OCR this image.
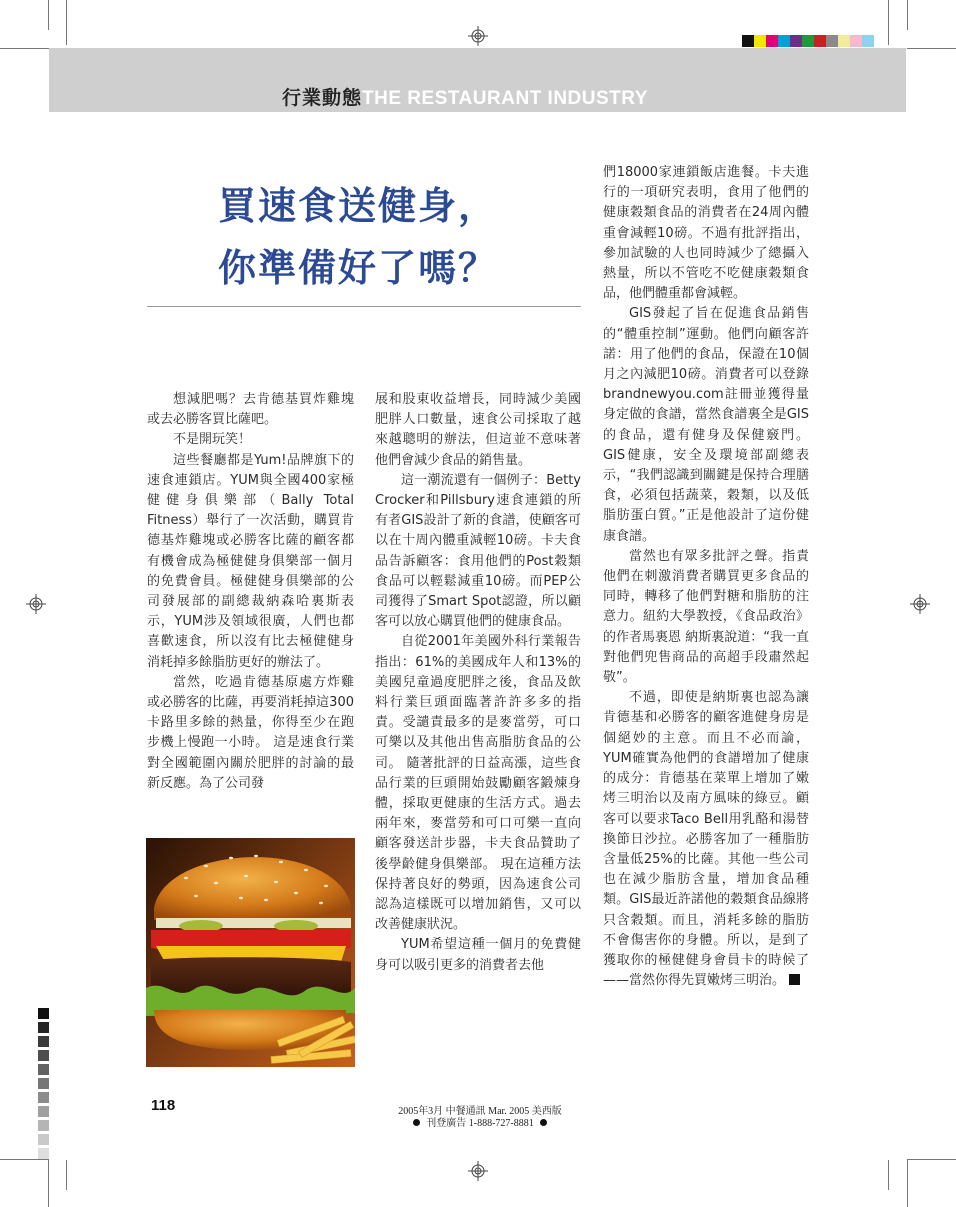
行業動態 THE RESTAURANT INDUSTRY
買速食送健身，
你準備好了嗎？

想減肥嗎？去肯德基買炸雞塊或去必勝客買比薩吧。

不是開玩笑！

這些餐廳都是Yum!品牌旗下的速食連鎖店。YUM與全國400家極健健身俱樂部（Bally Total Fitness）舉行了一次活動，購買肯德基炸雞塊或必勝客比薩的顧客都有機會成為極健健身俱樂部一個月的免費會員。極健健身俱樂部的公司發展部的副總裁納森哈裏斯表示，YUM涉及領域很廣，人們也都喜歡速食，所以沒有比去極健健身消耗掉多餘脂肪更好的辦法了。

當然，吃過肯德基原處方炸雞或必勝客的比薩，再要消耗掉這300卡路里多餘的熱量，你得至少在跑步機上慢跑一小時。 這是速食行業對全國範圍內關於肥胖的討論的最新反應。為了公司發

展和股東收益增長，同時減少美國肥胖人口數量，速食公司採取了越來越聰明的辦法，但這並不意味著他們會減少食品的銷售量。

這一潮流還有一個例子：Betty Crocker和Pillsbury速食連鎖的所有者GIS設計了新的食譜，使顧客可以在十周內體重減輕10磅。卡夫食品告訴顧客：食用他們的Post穀類食品可以輕鬆減重10磅。而PEP公司獲得了Smart Spot認證，所以顧客可以放心購買他們的健康食品。

自從2001年美國外科行業報告指出：61%的美國成年人和13%的美國兒童過度肥胖之後，食品及飲料行業巨頭面臨著許許多多的指責。受譴責最多的是麥當勞，可口可樂以及其他出售高脂肪食品的公司。 隨著批評的日益高漲，這些食品行業的巨頭開始鼓勵顧客鍛煉身體，採取更健康的生活方式。過去兩年來，麥當勞和可口可樂一直向顧客發送計步器，卡夫食品贊助了後學齡健身俱樂部。 現在這種方法保持著良好的勢頭，因為速食公司認為這樣既可以增加銷售，又可以改善健康狀況。

YUM希望這種一個月的免費健身可以吸引更多的消費者去他

們18000家連鎖飯店進餐。卡夫進行的一項研究表明，食用了他們的健康穀類食品的消費者在24周內體重會減輕10磅。不過有批評指出，參加試驗的人也同時減少了總攝入熱量，所以不管吃不吃健康穀類食品，他們體重都會減輕。

GIS發起了旨在促進食品銷售的“體重控制”運動。他們向顧客許諾：用了他們的食品，保證在10個月之內減肥10磅。消費者可以登錄brandnewyou.com註冊並獲得量身定做的食譜，當然食譜裏全是GIS的食品，還有健身及保健竅門。 GIS健康，安全及環境部副總表示，“我們認識到關鍵是保持合理膳食，必須包括蔬菜，穀類，以及低脂肪蛋白質。”正是他設計了這份健康食譜。

當然也有眾多批評之聲。指責他們在刺激消費者購買更多食品的同時，轉移了他們對糖和脂肪的注意力。紐約大學教授，《食品政治》的作者馬裏恩 納斯裏說道：“我一直對他們兜售商品的高超手段肅然起敬”。

不過，即使是納斯裏也認為讓肯德基和必勝客的顧客進健身房是個絕妙的主意。而且不必而論，YUM確實為他們的食譜增加了健康的成分：肯德基在菜單上增加了嫩烤三明治以及南方風味的綠豆。顧客可以要求Taco Bell用乳酪和湯替換節日沙拉。必勝客加了一種脂肪含量低25%的比薩。其他一些公司也在減少脂肪含量，增加食品種類。GIS最近許諾他的穀類食品線將只含穀類。而且，消耗多餘的脂肪不會傷害你的身體。所以，是到了獲取你的極健健身會員卡的時候了——當然你得先買嫩烤三明治。

118	2005年3月 中餐通訊 Mar. 2005 美西版
刊登廣告 1-888-727-8881
